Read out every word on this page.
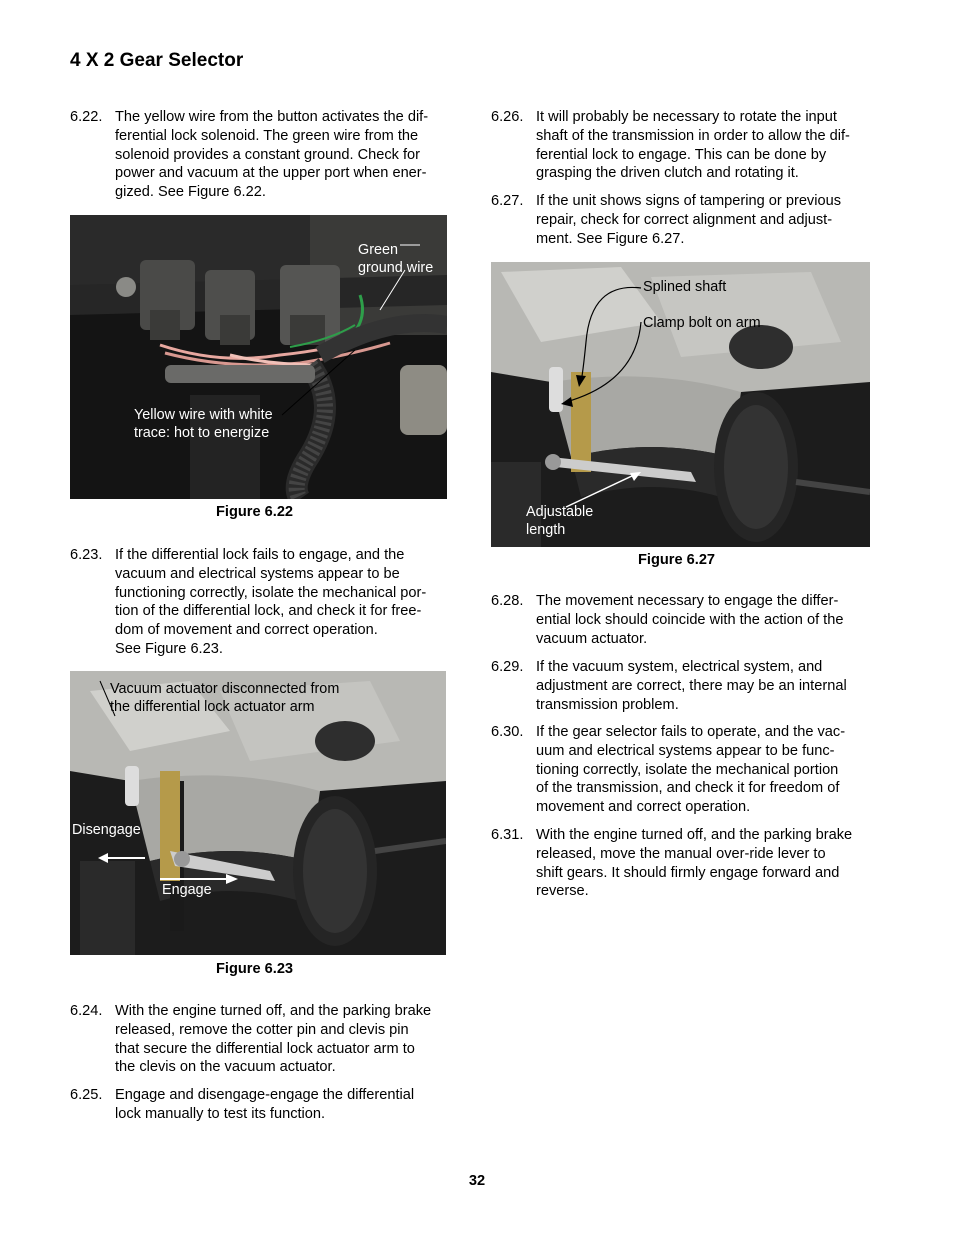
4 X 2 Gear Selector
6.22. The yellow wire from the button activates the dif-
ferential lock solenoid. The green wire from the
solenoid provides a constant ground. Check for
power and vacuum at the upper port when ener-
gized. See Figure 6.22.
Green
ground wire
Yellow wire with white
trace: hot to energize
Figure 6.22
6.23. If the differential lock fails to engage, and the
vacuum and electrical systems appear to be
functioning correctly, isolate the mechanical por-
tion of the differential lock, and check it for free-
dom of movement and correct operation.
See Figure 6.23.
Vacuum actuator disconnected from
the differential lock actuator arm
Disengage
Engage
Figure 6.23
6.24. With the engine turned off, and the parking brake
released, remove the cotter pin and clevis pin
that secure the differential lock actuator arm to
the clevis on the vacuum actuator.
6.25. Engage and disengage-engage the differential
lock manually to test its function.
6.26. It will probably be necessary to rotate the input
shaft of the transmission in order to allow the dif-
ferential lock to engage. This can be done by
grasping the driven clutch and rotating it.
6.27. If the unit shows signs of tampering or previous
repair, check for correct alignment and adjust-
ment. See Figure 6.27.
Splined shaft
Clamp bolt on arm
Adjustable
length
Figure 6.27
6.28. The movement necessary to engage the differ-
ential lock should coincide with the action of the
vacuum actuator.
6.29. If the vacuum system, electrical system, and
adjustment are correct, there may be an internal
transmission problem.
6.30. If the gear selector fails to operate, and the vac-
uum and electrical systems appear to be func-
tioning correctly, isolate the mechanical portion
of the transmission, and check it for freedom of
movement and correct operation.
6.31. With the engine turned off, and the parking brake
released, move the manual over-ride lever to
shift gears. It should firmly engage forward and
reverse.
32
